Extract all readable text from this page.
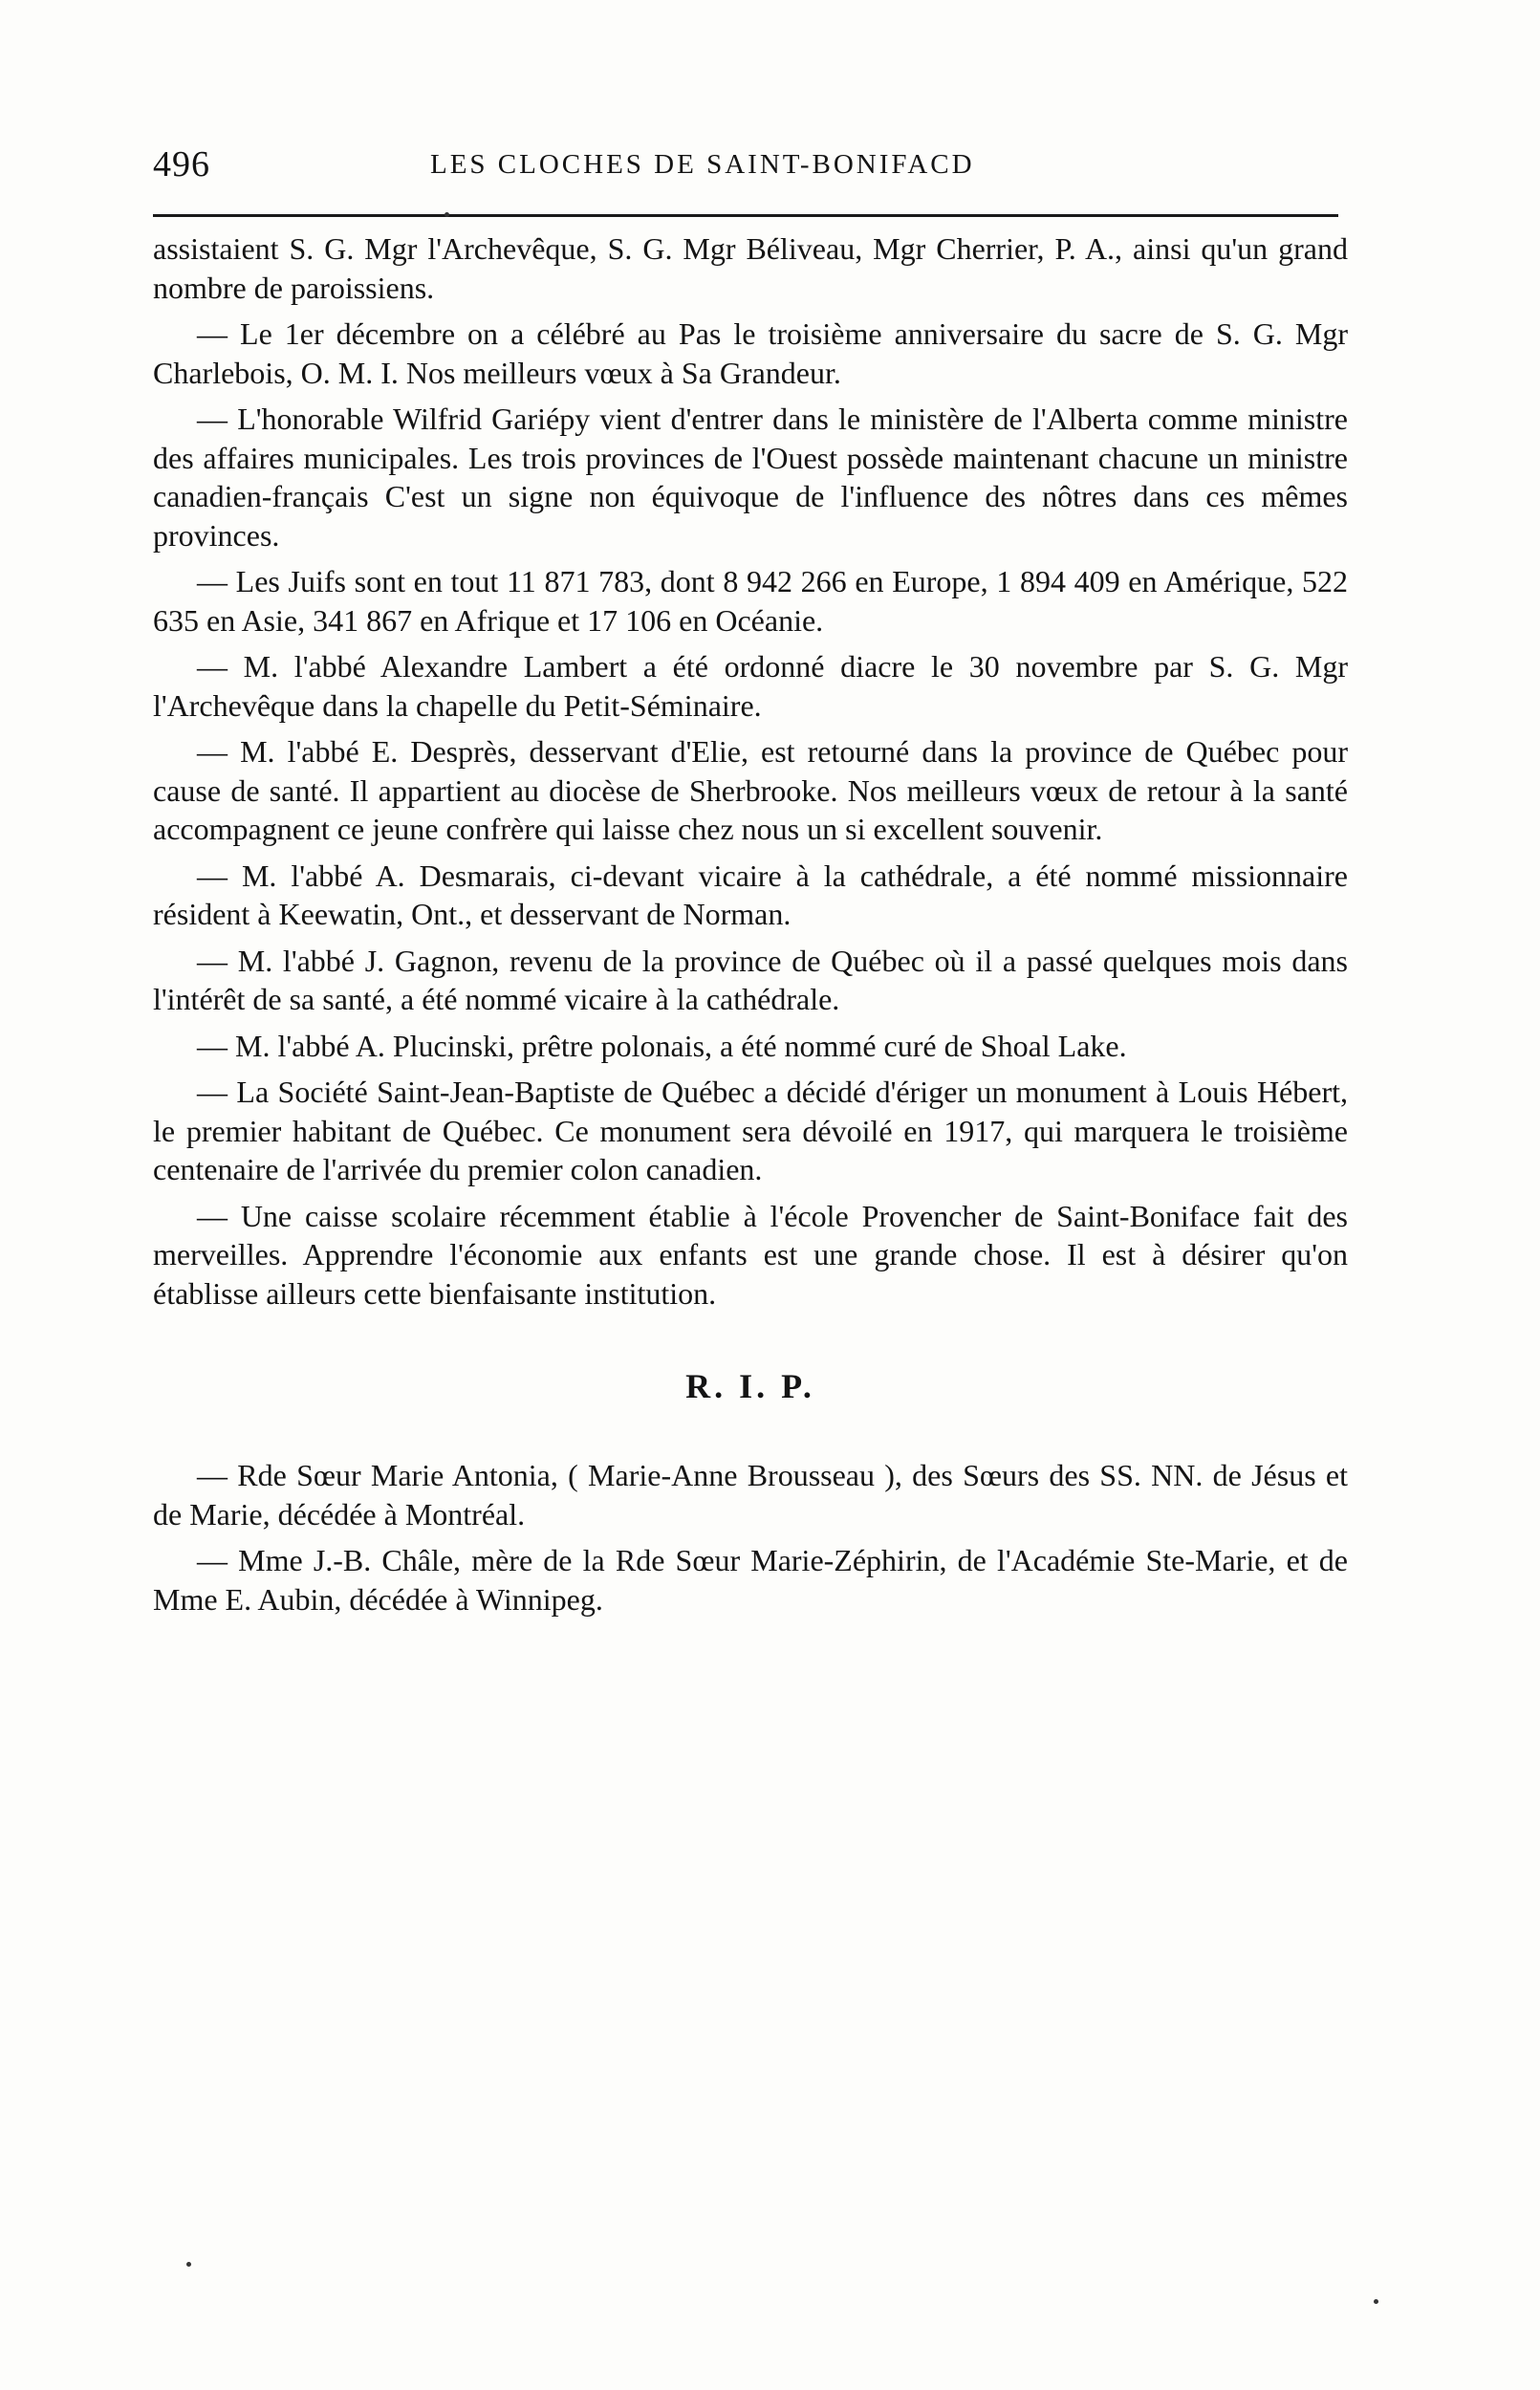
496	LES CLOCHES DE SAINT-BONIFACD

assistaient S. G. Mgr l'Archevêque, S. G. Mgr Béliveau, Mgr Cherrier, P. A., ainsi qu'un grand nombre de paroissiens.

— Le 1er décembre on a célébré au Pas le troisième anniversaire du sacre de S. G. Mgr Charlebois, O. M. I. Nos meilleurs vœux à Sa Grandeur.

— L'honorable Wilfrid Gariépy vient d'entrer dans le ministère de l'Alberta comme ministre des affaires municipales. Les trois provinces de l'Ouest possède maintenant chacune un ministre canadien-français C'est un signe non équivoque de l'influence des nôtres dans ces mêmes provinces.

— Les Juifs sont en tout 11 871 783, dont 8 942 266 en Europe, 1 894 409 en Amérique, 522 635 en Asie, 341 867 en Afrique et 17 106 en Océanie.

— M. l'abbé Alexandre Lambert a été ordonné diacre le 30 novembre par S. G. Mgr l'Archevêque dans la chapelle du Petit-Séminaire.

— M. l'abbé E. Desprès, desservant d'Elie, est retourné dans la province de Québec pour cause de santé. Il appartient au diocèse de Sherbrooke. Nos meilleurs vœux de retour à la santé accompagnent ce jeune confrère qui laisse chez nous un si excellent souvenir.

— M. l'abbé A. Desmarais, ci-devant vicaire à la cathédrale, a été nommé missionnaire résident à Keewatin, Ont., et desservant de Norman.

— M. l'abbé J. Gagnon, revenu de la province de Québec où il a passé quelques mois dans l'intérêt de sa santé, a été nommé vicaire à la cathédrale.

— M. l'abbé A. Plucinski, prêtre polonais, a été nommé curé de Shoal Lake.

— La Société Saint-Jean-Baptiste de Québec a décidé d'ériger un monument à Louis Hébert, le premier habitant de Québec. Ce monument sera dévoilé en 1917, qui marquera le troisième centenaire de l'arrivée du premier colon canadien.

— Une caisse scolaire récemment établie à l'école Provencher de Saint-Boniface fait des merveilles. Apprendre l'économie aux enfants est une grande chose. Il est à désirer qu'on établisse ailleurs cette bienfaisante institution.

R. I. P.

— Rde Sœur Marie Antonia, ( Marie-Anne Brousseau ), des Sœurs des SS. NN. de Jésus et de Marie, décédée à Montréal.

— Mme J.-B. Châle, mère de la Rde Sœur Marie-Zéphirin, de l'Académie Ste-Marie, et de Mme E. Aubin, décédée à Winnipeg.
